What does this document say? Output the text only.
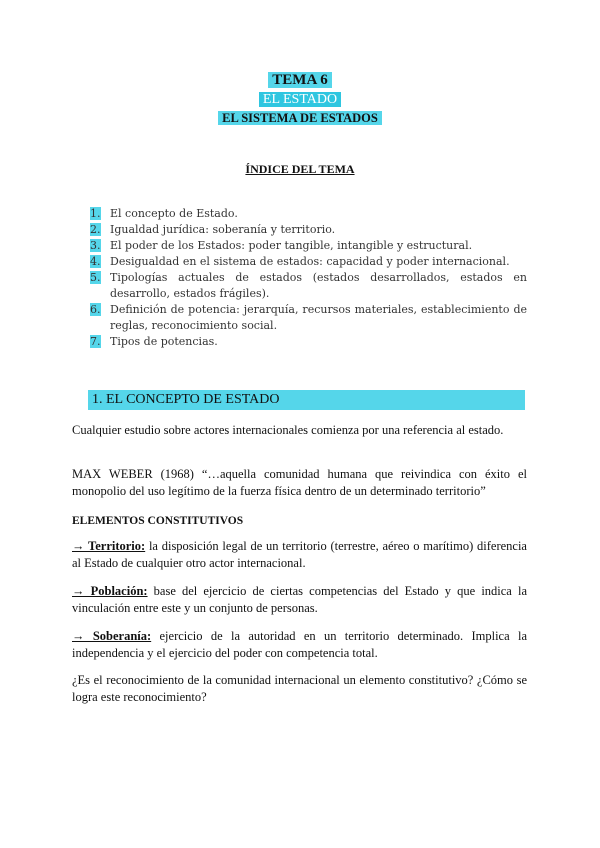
TEMA 6
EL ESTADO
EL SISTEMA DE ESTADOS
ÍNDICE DEL TEMA
1. El concepto de Estado.
2. Igualdad jurídica: soberanía y territorio.
3. El poder de los Estados: poder tangible, intangible y estructural.
4. Desigualdad en el sistema de estados: capacidad y poder internacional.
5. Tipologías actuales de estados (estados desarrollados, estados en desarrollo, estados frágiles).
6. Definición de potencia: jerarquía, recursos materiales, establecimiento de reglas, reconocimiento social.
7. Tipos de potencias.
1. EL CONCEPTO DE ESTADO
Cualquier estudio sobre actores internacionales comienza por una referencia al estado.
MAX WEBER (1968) “…aquella comunidad humana que reivindica con éxito el monopolio del uso legítimo de la fuerza física dentro de un determinado territorio”
ELEMENTOS CONSTITUTIVOS
→ Territorio: la disposición legal de un territorio (terrestre, aéreo o marítimo) diferencia al Estado de cualquier otro actor internacional.
→ Población: base del ejercicio de ciertas competencias del Estado y que indica la vinculación entre este y un conjunto de personas.
→ Soberanía: ejercicio de la autoridad en un territorio determinado. Implica la independencia y el ejercicio del poder con competencia total.
¿Es el reconocimiento de la comunidad internacional un elemento constitutivo? ¿Cómo se logra este reconocimiento?
